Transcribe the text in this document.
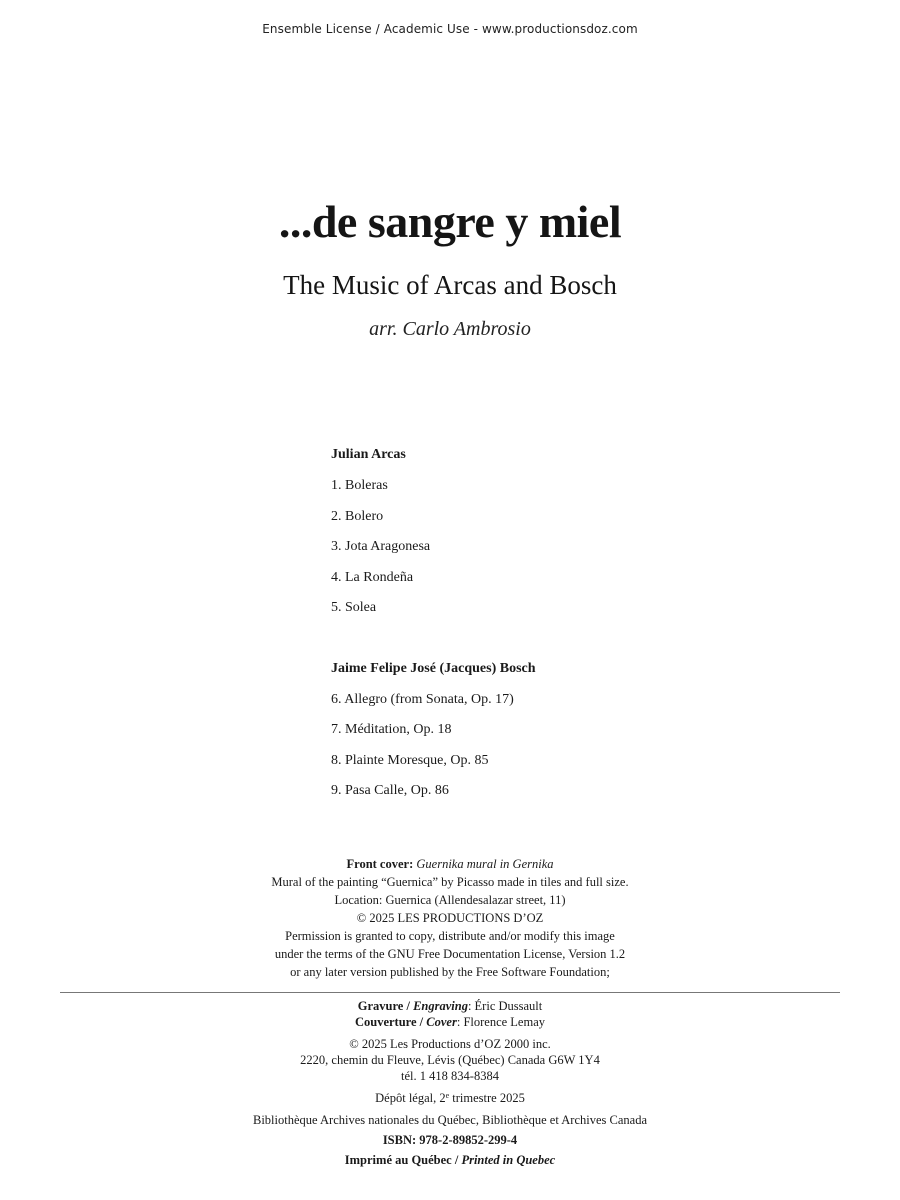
Ensemble License / Academic Use - www.productionsdoz.com
...de sangre y miel
The Music of Arcas and Bosch
arr. Carlo Ambrosio
Julian Arcas
1. Boleras
2. Bolero
3. Jota Aragonesa
4. La Rondeña
5. Solea
Jaime Felipe José (Jacques) Bosch
6. Allegro (from Sonata, Op. 17)
7. Méditation, Op. 18
8. Plainte Moresque, Op. 85
9. Pasa Calle, Op. 86
Front cover: Guernika mural in Gernika
Mural of the painting “Guernica” by Picasso made in tiles and full size.
Location: Guernica (Allendesalazar street, 11)
© 2025 LES PRODUCTIONS D’OZ
Permission is granted to copy, distribute and/or modify this image
under the terms of the GNU Free Documentation License, Version 1.2
or any later version published by the Free Software Foundation;
Gravure / Engraving: Éric Dussault
Couverture / Cover: Florence Lemay
© 2025 Les Productions d’OZ 2000 inc.
2220, chemin du Fleuve, Lévis (Québec) Canada G6W 1Y4
tél. 1 418 834-8384
Dépôt légal, 2e trimestre 2025
Bibliothèque Archives nationales du Québec, Bibliothèque et Archives Canada
ISBN: 978-2-89852-299-4
Imprimé au Québec / Printed in Quebec
